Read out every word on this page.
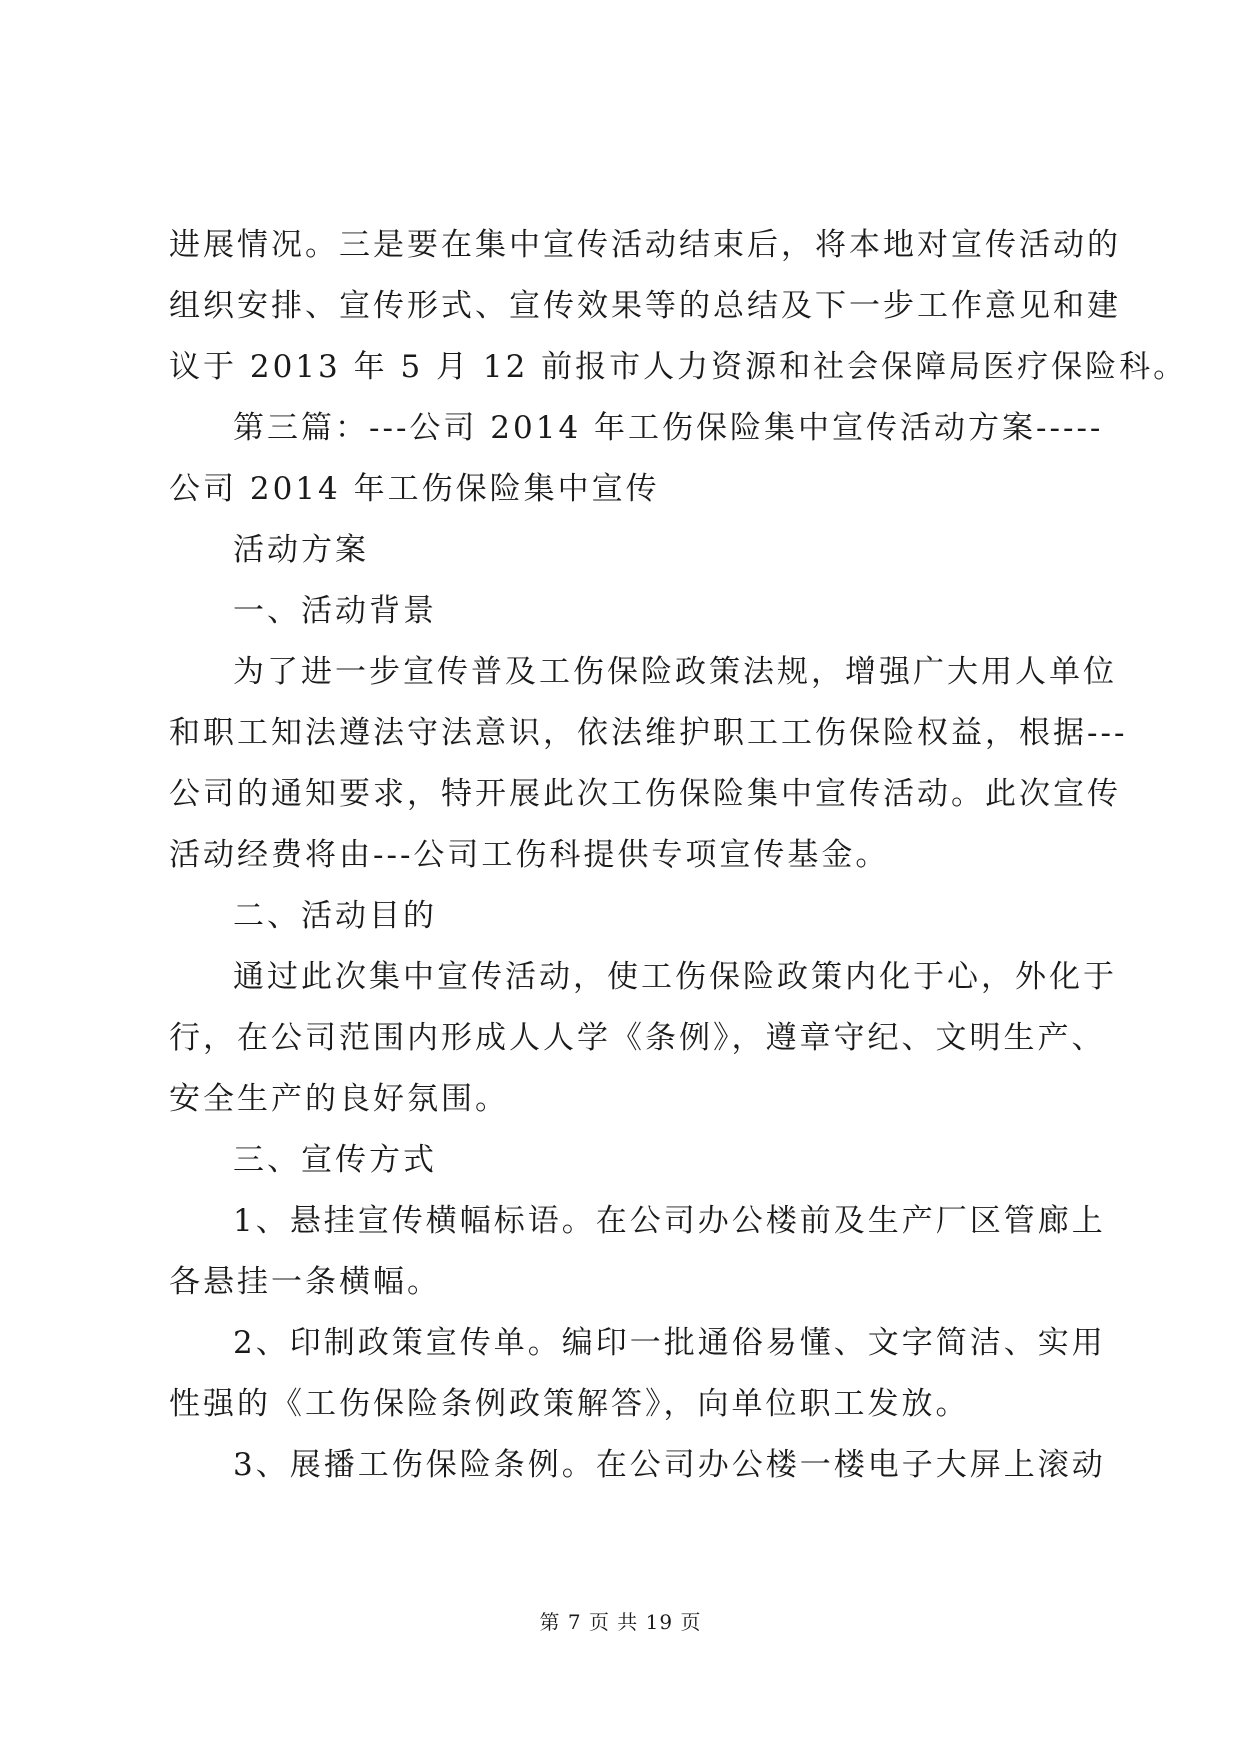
进展情况。三是要在集中宣传活动结束后，将本地对宣传活动的
组织安排、宣传形式、宣传效果等的总结及下一步工作意见和建
议于 2013 年 5 月 12 前报市人力资源和社会保障局医疗保险科。
第三篇：---公司 2014 年工伤保险集中宣传活动方案-----
公司 2014 年工伤保险集中宣传
活动方案
一、活动背景
为了进一步宣传普及工伤保险政策法规，增强广大用人单位
和职工知法遵法守法意识，依法维护职工工伤保险权益，根据---
公司的通知要求，特开展此次工伤保险集中宣传活动。此次宣传
活动经费将由---公司工伤科提供专项宣传基金。
二、活动目的
通过此次集中宣传活动，使工伤保险政策内化于心，外化于
行，在公司范围内形成人人学《条例》，遵章守纪、文明生产、
安全生产的良好氛围。
三、宣传方式
1、悬挂宣传横幅标语。在公司办公楼前及生产厂区管廊上
各悬挂一条横幅。
2、印制政策宣传单。编印一批通俗易懂、文字简洁、实用
性强的《工伤保险条例政策解答》，向单位职工发放。
3、展播工伤保险条例。在公司办公楼一楼电子大屏上滚动
第 7 页 共 19 页
